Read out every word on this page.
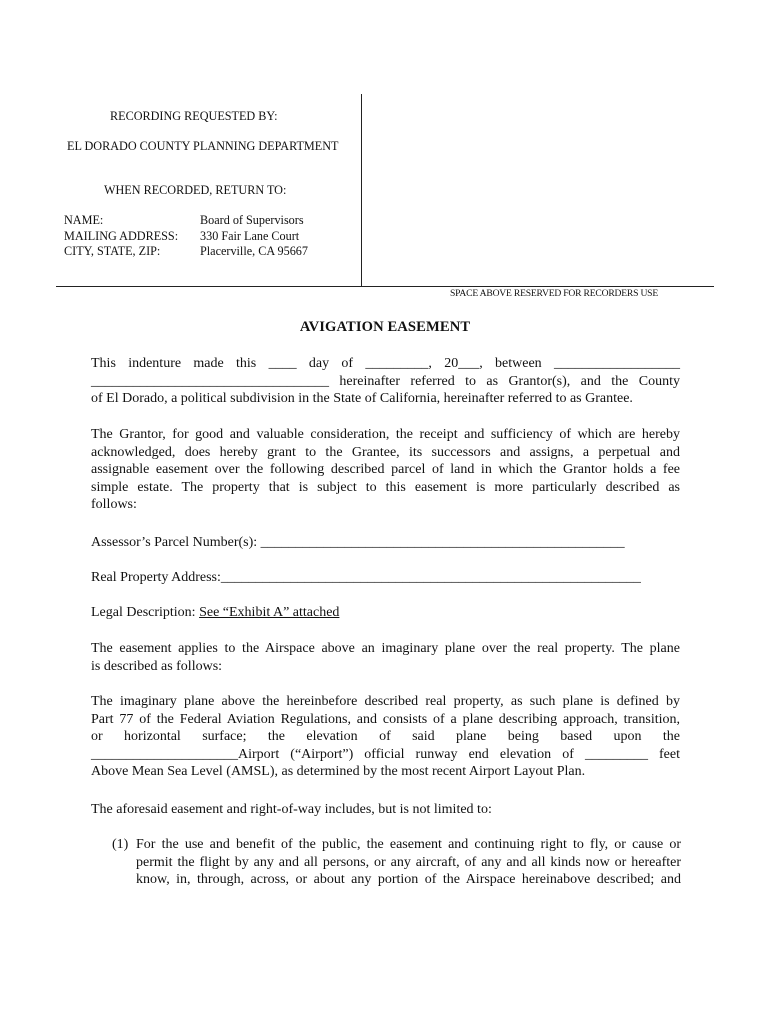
RECORDING REQUESTED BY:
EL DORADO COUNTY PLANNING DEPARTMENT
WHEN RECORDED, RETURN TO:
NAME:
MAILING ADDRESS:
CITY, STATE, ZIP:
Board of Supervisors
330 Fair Lane Court
Placerville, CA 95667
SPACE ABOVE RESERVED FOR RECORDERS USE
AVIGATION EASEMENT
This indenture made this ____ day of _________, 20___, between __________________
__________________________________ hereinafter referred to as Grantor(s), and the County
of El Dorado, a political subdivision in the State of California, hereinafter referred to as Grantee.
The Grantor, for good and valuable consideration, the receipt and sufficiency of which are hereby
acknowledged, does hereby grant to the Grantee, its successors and assigns, a perpetual and
assignable easement over the following described parcel of land in which the Grantor holds a fee
simple estate. The property that is subject to this easement is more particularly described as
follows:
Assessor’s Parcel Number(s): ____________________________________________________
Real Property Address:____________________________________________________________
Legal Description: See “Exhibit A” attached
The easement applies to the Airspace above an imaginary plane over the real property. The plane
is described as follows:
The imaginary plane above the hereinbefore described real property, as such plane is defined by
Part 77 of the Federal Aviation Regulations, and consists of a plane describing approach, transition,
or horizontal surface; the elevation of said plane being based upon the
_____________________Airport (“Airport”) official runway end elevation of _________ feet
Above Mean Sea Level (AMSL), as determined by the most recent Airport Layout Plan.
The aforesaid easement and right-of-way includes, but is not limited to:
(1) For the use and benefit of the public, the easement and continuing right to fly, or cause or
permit the flight by any and all persons, or any aircraft, of any and all kinds now or hereafter
know, in, through, across, or about any portion of the Airspace hereinabove described; and
